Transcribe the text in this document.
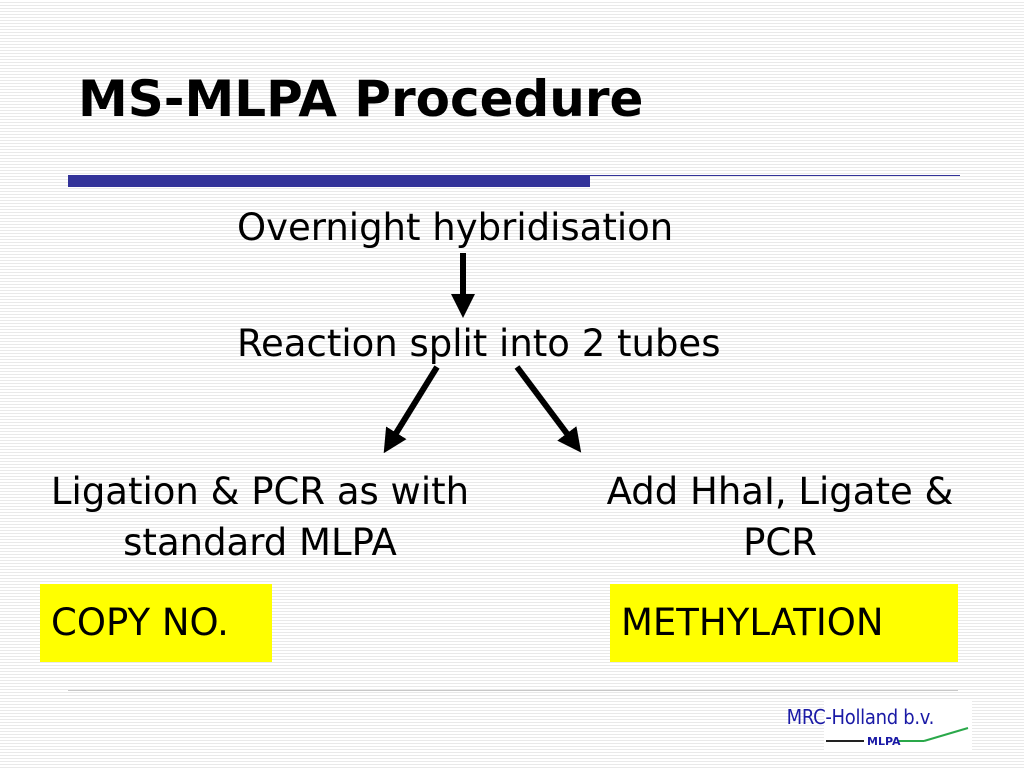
MS-MLPA Procedure
Overnight hybridisation
Reaction split into 2 tubes
Ligation & PCR as with
standard MLPA
Add HhaI, Ligate &
PCR
COPY NO.	METHYLATION
MRC-Holland b.v.
MLPA
